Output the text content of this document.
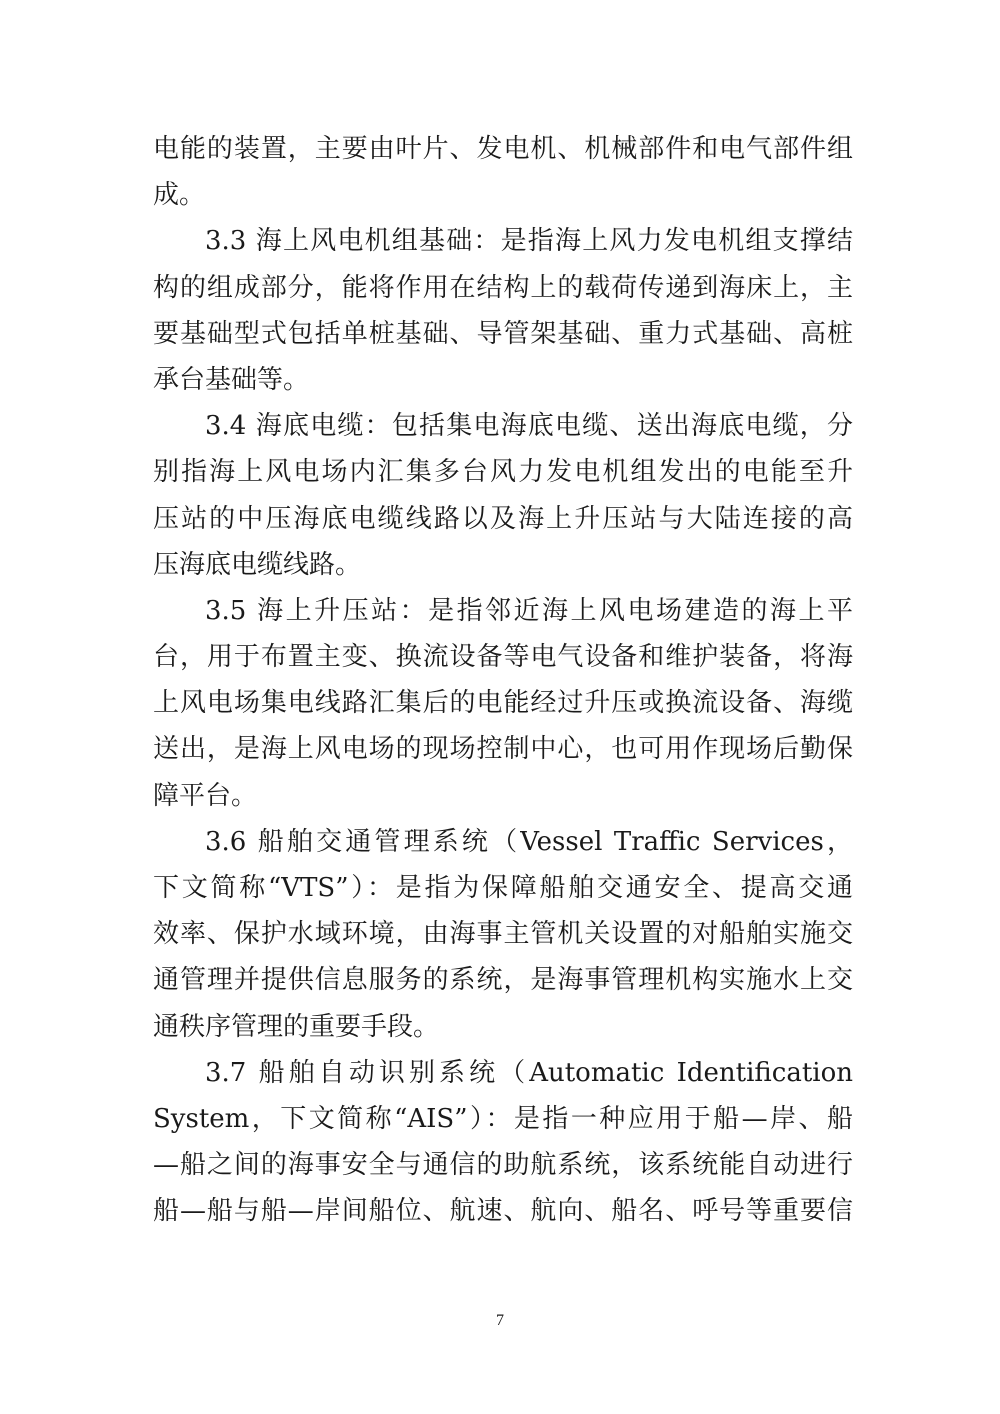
电能的装置，主要由叶片、发电机、机械部件和电气部件组
成。
3.3 海上风电机组基础：是指海上风力发电机组支撑结
构的组成部分，能将作用在结构上的载荷传递到海床上，主
要基础型式包括单桩基础、导管架基础、重力式基础、高桩
承台基础等。
3.4 海底电缆：包括集电海底电缆、送出海底电缆，分
别指海上风电场内汇集多台风力发电机组发出的电能至升
压站的中压海底电缆线路以及海上升压站与大陆连接的高
压海底电缆线路。
3.5 海上升压站：是指邻近海上风电场建造的海上平
台，用于布置主变、换流设备等电气设备和维护装备，将海
上风电场集电线路汇集后的电能经过升压或换流设备、海缆
送出，是海上风电场的现场控制中心，也可用作现场后勤保
障平台。
3.6 船舶交通管理系统（Vessel Traffic Services，
下文简称“VTS”）：是指为保障船舶交通安全、提高交通
效率、保护水域环境，由海事主管机关设置的对船舶实施交
通管理并提供信息服务的系统，是海事管理机构实施水上交
通秩序管理的重要手段。
3.7 船舶自动识别系统（Automatic Identification
System，下文简称“AIS”）：是指一种应用于船—岸、船
—船之间的海事安全与通信的助航系统，该系统能自动进行
船—船与船—岸间船位、航速、航向、船名、呼号等重要信
7
